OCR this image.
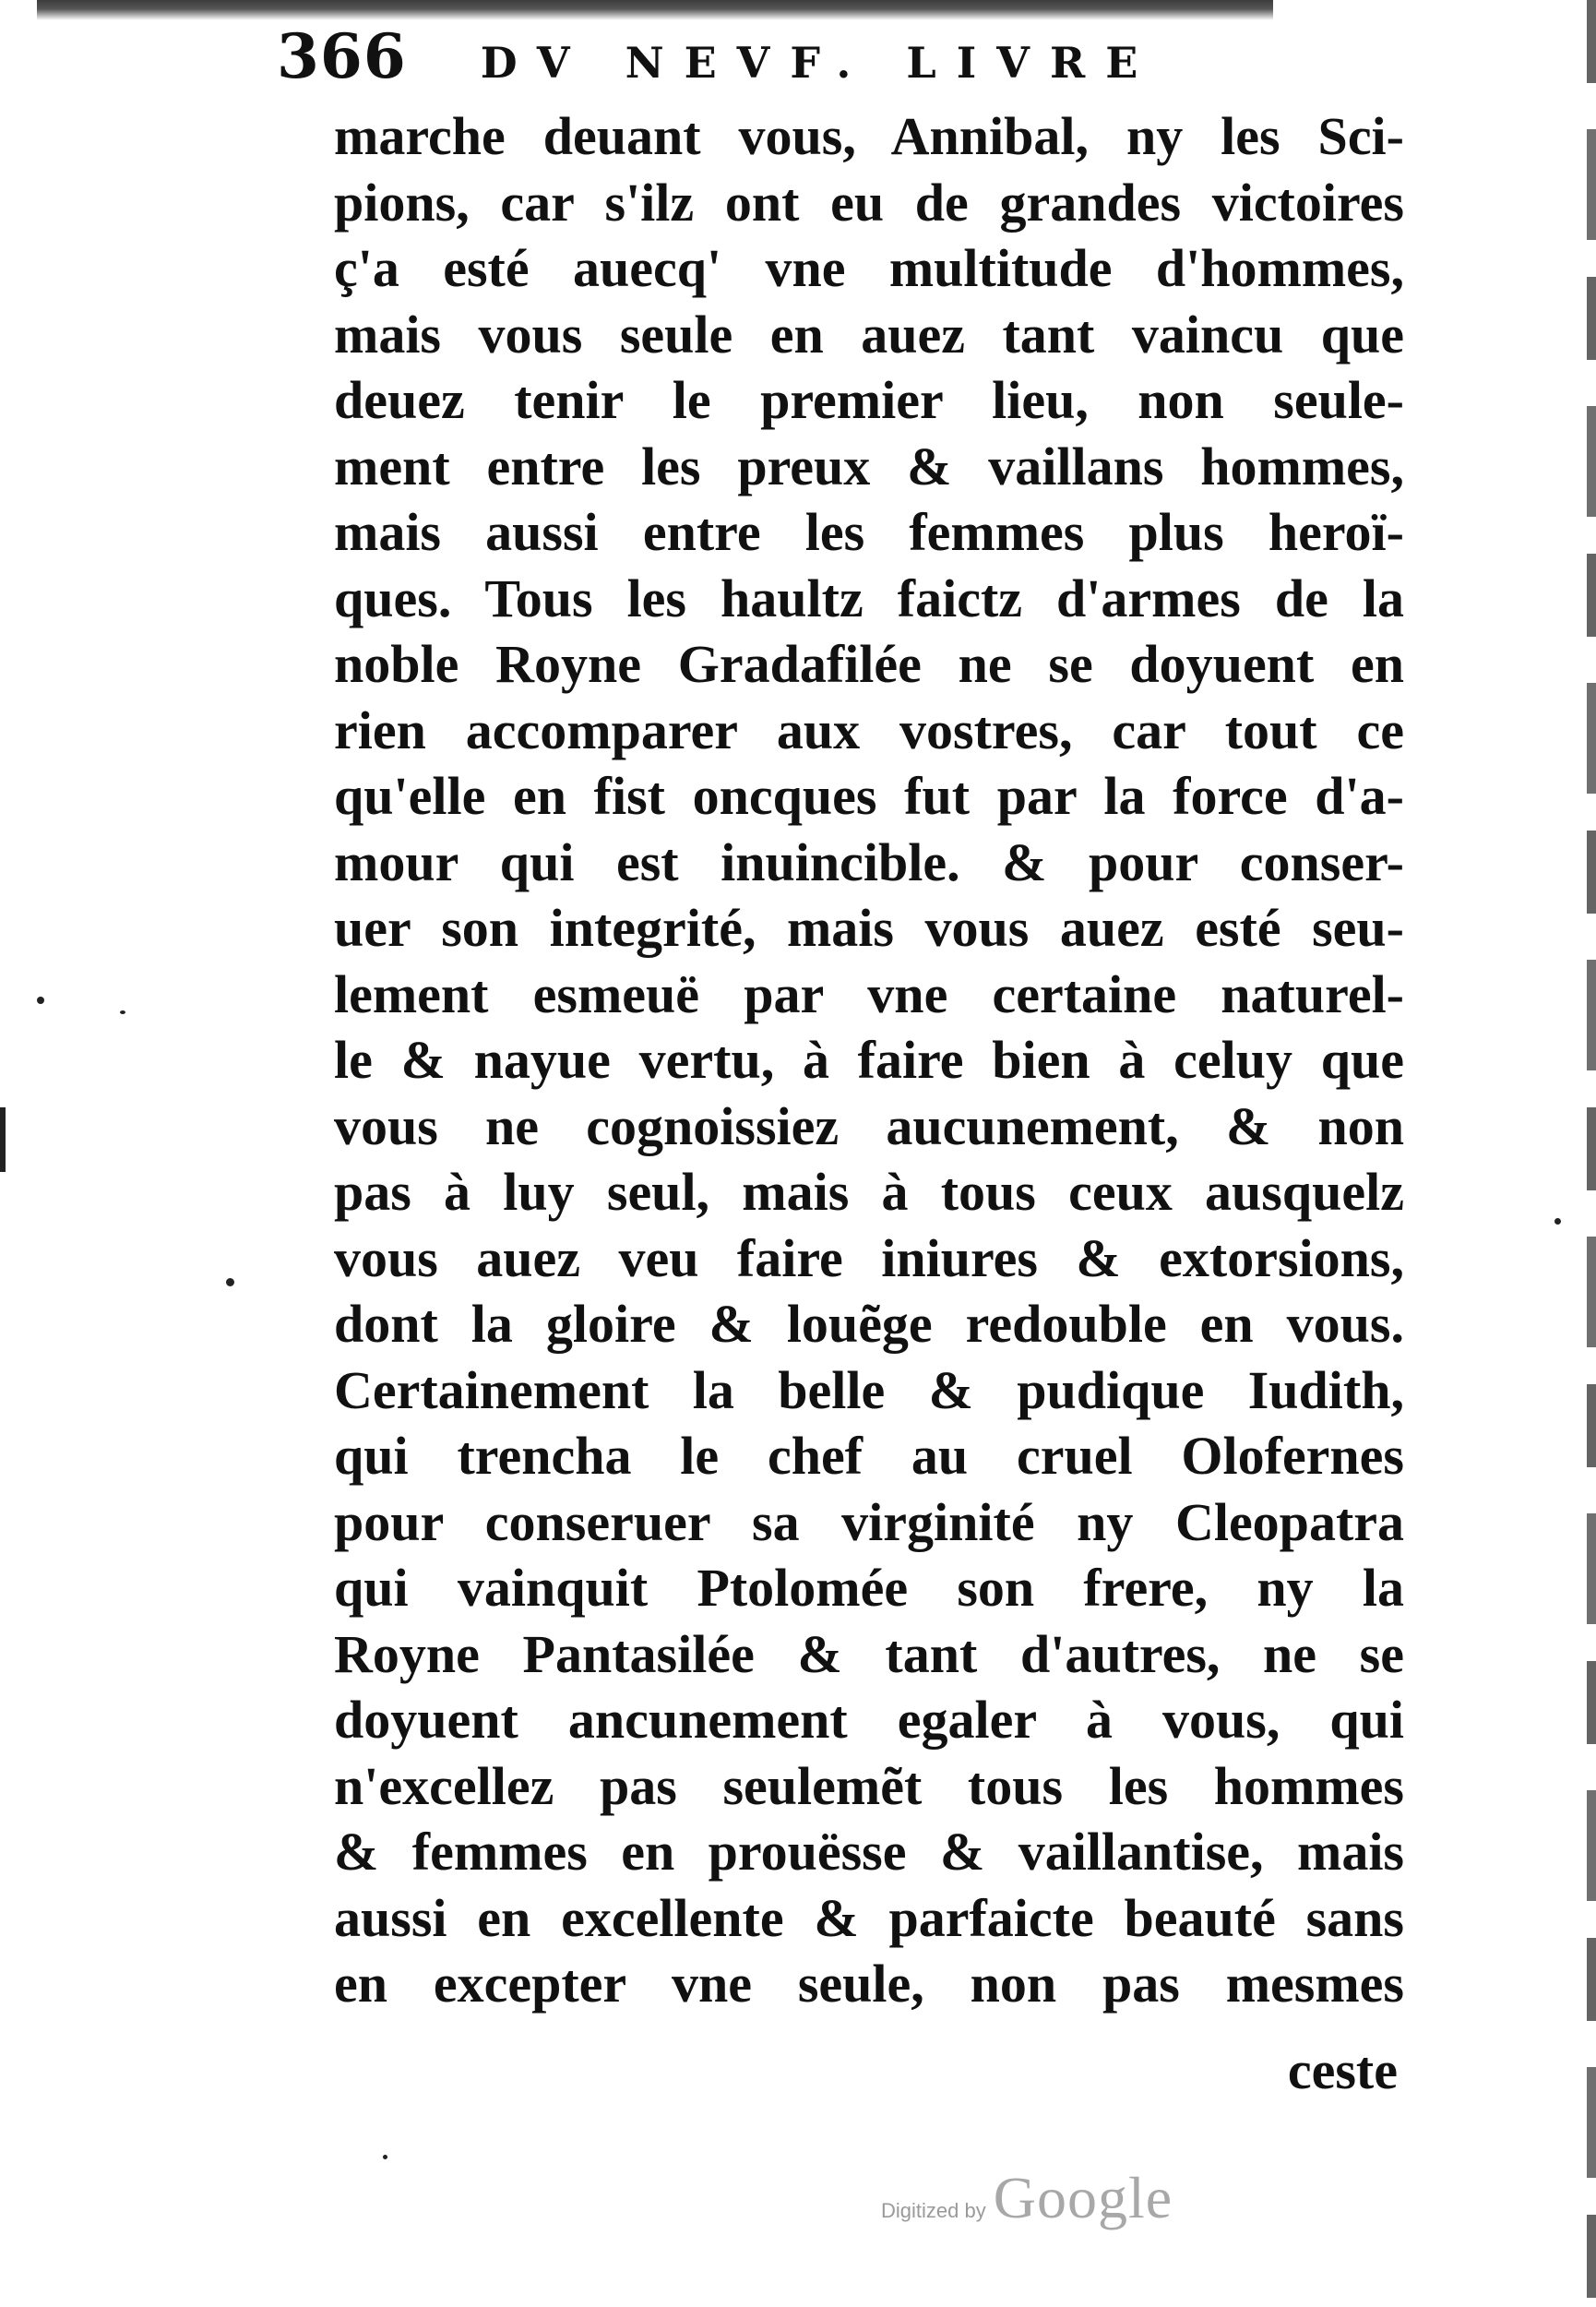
366 DV NEVF. LIVRE
marche deuant vous, Annibal, ny les Sci-
pions, car s'ilz ont eu de grandes victoires
ç'a esté auecq' vne multitude d'hommes,
mais vous seule en auez tant vaincu que
deuez tenir le premier lieu, non seule-
ment entre les preux & vaillans hommes,
mais aussi entre les femmes plus heroï-
ques. Tous les haultz faictz d'armes de la
noble Royne Gradafilée ne se doyuent en
rien accomparer aux vostres, car tout ce
qu'elle en fist oncques fut par la force d'a-
mour qui est inuincible. & pour conser-
uer son integrité, mais vous auez esté seu-
lement esmeuë par vne certaine naturel-
le & nayue vertu, à faire bien à celuy que
vous ne cognoissiez aucunement, & non
pas à luy seul, mais à tous ceux ausquelz
vous auez veu faire iniures & extorsions,
dont la gloire & louẽge redouble en vous.
Certainement la belle & pudique Iudith,
qui trencha le chef au cruel Olofernes
pour conseruer sa virginité ny Cleopatra
qui vainquit Ptolomée son frere, ny la
Royne Pantasilée & tant d'autres, ne se
doyuent ancunement egaler à vous, qui
n'excellez pas seulemẽt tous les hommes
& femmes en prouësse & vaillantise, mais
aussi en excellente & parfaicte beauté sans
en excepter vne seule, non pas mesmes
ceste
Digitized by Google
